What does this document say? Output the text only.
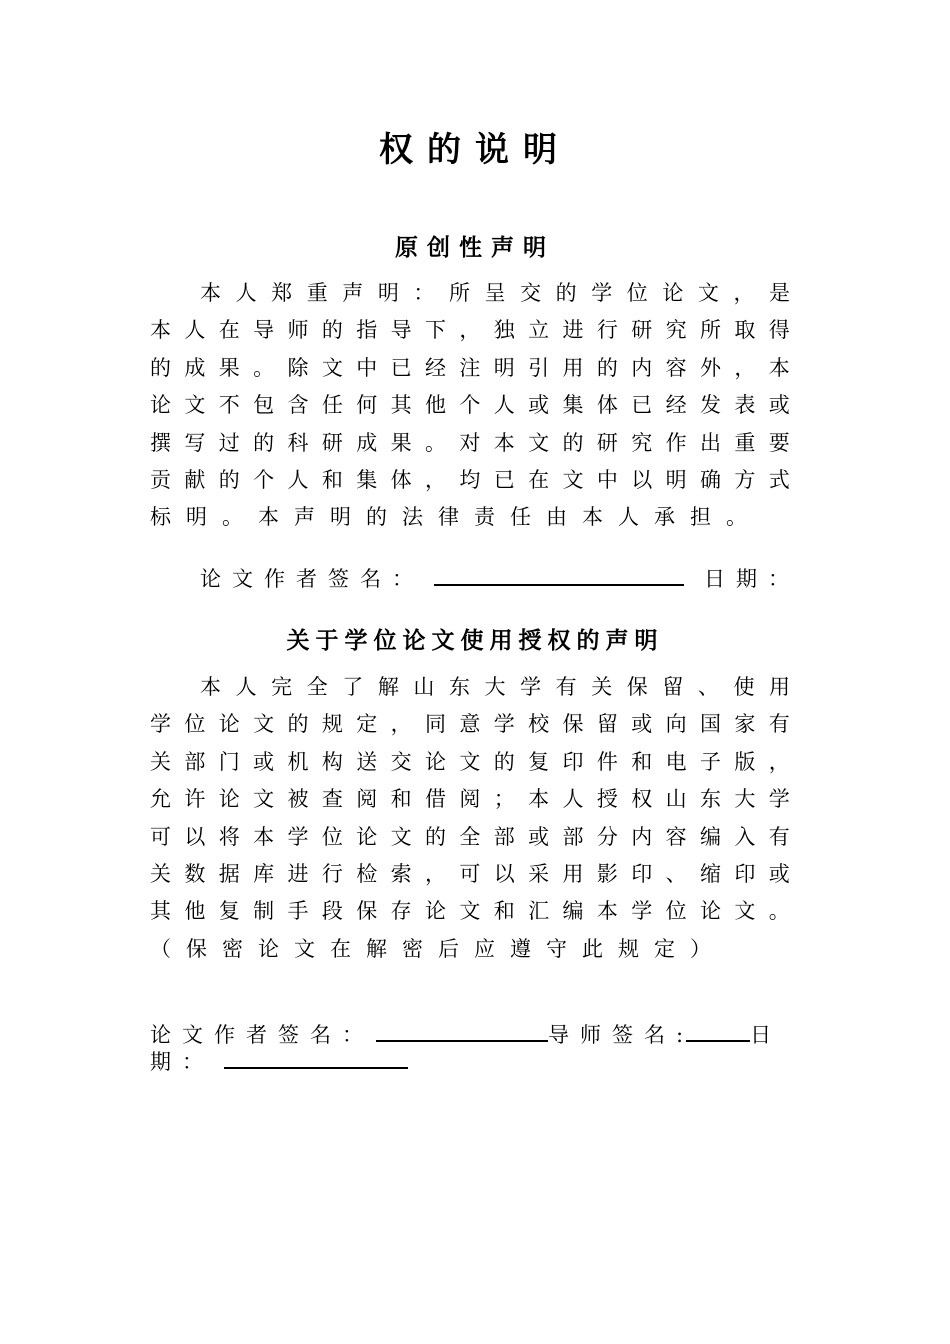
权的说明
原创性声明
本 人 郑 重 声 明 ： 所 呈 交 的 学 位 论 文 ， 是
本 人 在 导 师 的 指 导 下 ， 独 立 进 行 研 究 所 取 得
的 成 果 。 除 文 中 已 经 注 明 引 用 的 内 容 外 ， 本
论 文 不 包 含 任 何 其 他 个 人 或 集 体 已 经 发 表 或
撰 写 过 的 科 研 成 果 。 对 本 文 的 研 究 作 出 重 要
贡 献 的 个 人 和 集 体 ， 均 已 在 文 中 以 明 确 方 式
标 明 。 本 声 明 的 法 律 责 任 由 本 人 承 担 。
论文作者签名：	日期：
关于学位论文使用授权的声明
本 人 完 全 了 解 山 东 大 学 有 关 保 留 、 使 用
学 位 论 文 的 规 定 ， 同 意 学 校 保 留 或 向 国 家 有
关 部 门 或 机 构 送 交 论 文 的 复 印 件 和 电 子 版 ，
允 许 论 文 被 查 阅 和 借 阅 ； 本 人 授 权 山 东 大 学
可 以 将 本 学 位 论 文 的 全 部 或 部 分 内 容 编 入 有
关 数 据 库 进 行 检 索 ， 可 以 采 用 影 印 、 缩 印 或
其 他 复 制 手 段 保 存 论 文 和 汇 编 本 学 位 论 文 。
（ 保 密 论 文 在 解 密 后 应 遵 守 此 规 定 ）
论文作者签名：	导师签名:	日
期：
